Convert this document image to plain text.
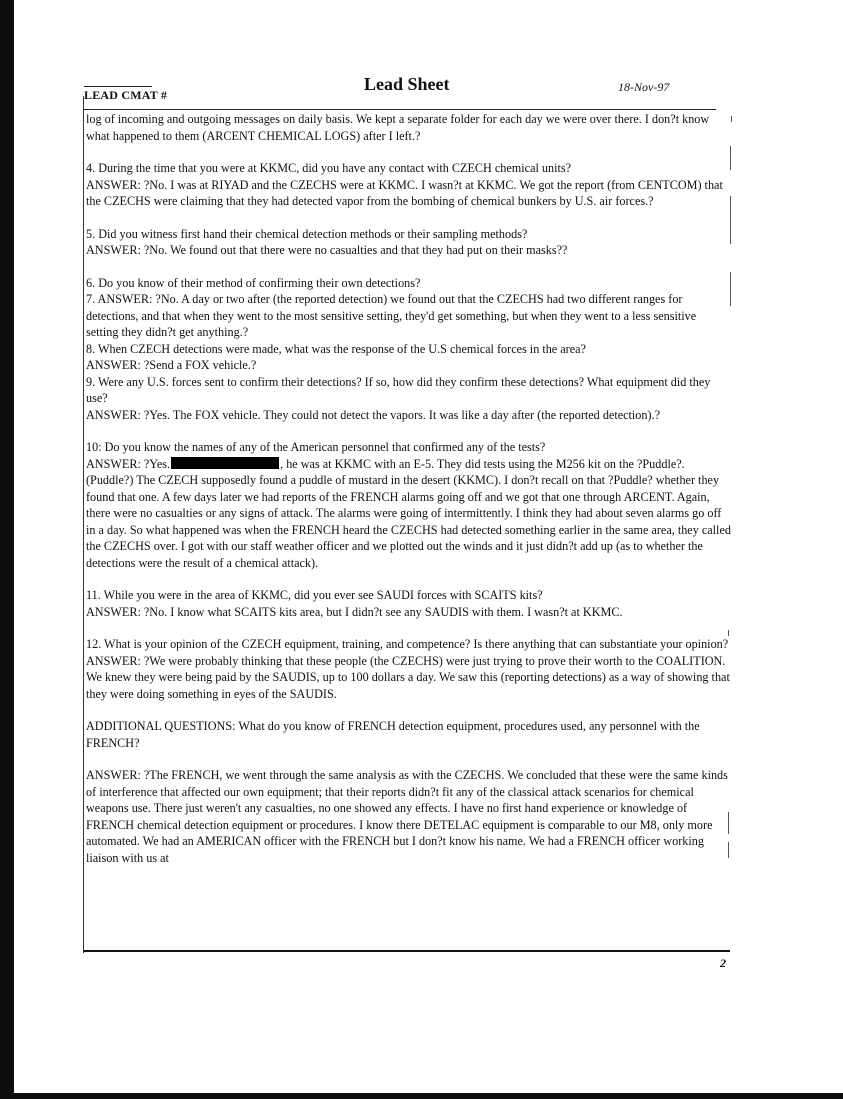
LEAD CMAT #
Lead Sheet	18-Nov-97

log of incoming and outgoing messages on daily basis. We kept a separate folder for each day we were over there. I don?t know what happened to them (ARCENT CHEMICAL LOGS) after I left.?

4. During the time that you were at KKMC, did you have any contact with CZECH chemical units?

ANSWER: ?No. I was at RIYAD and the CZECHS were at KKMC. I wasn?t at KKMC. We got the report (from CENTCOM) that the CZECHS were claiming that they had detected vapor from the bombing of chemical bunkers by U.S. air forces.?

5. Did you witness first hand their chemical detection methods or their sampling methods?

ANSWER: ?No. We found out that there were no casualties and that they had put on their masks??

6. Do you know of their method of confirming their own detections?

7. ANSWER: ?No. A day or two after (the reported detection) we found out that the CZECHS had two different ranges for detections, and that when they went to the most sensitive setting, they'd get something, but when they went to a less sensitive setting they didn?t get anything.?

8. When CZECH detections were made, what was the response of the U.S chemical forces in the area?

ANSWER: ?Send a FOX vehicle.?

9. Were any U.S. forces sent to confirm their detections? If so, how did they confirm these detections? What equipment did they use?

ANSWER: ?Yes. The FOX vehicle. They could not detect the vapors. It was like a day after (the reported detection).?

10: Do you know the names of any of the American personnel that confirmed any of the tests?

ANSWER: ?Yes.	, he was at KKMC with an E-5. They did tests using the M256 kit on the ?Puddle?. (Puddle?) The CZECH supposedly found a puddle of mustard in the desert (KKMC). I don?t recall on that ?Puddle? whether they found that one. A few days later we had reports of the FRENCH alarms going off and we got that one through ARCENT. Again, there were no casualties or any signs of attack. The alarms were going of intermittently. I think they had about seven alarms go off in a day. So what happened was when the FRENCH heard the CZECHS had detected something earlier in the same area, they called the CZECHS over. I got with our staff weather officer and we plotted out the winds and it just didn?t add up (as to whether the detections were the result of a chemical attack).

11. While you were in the area of KKMC, did you ever see SAUDI forces with SCAITS kits?

ANSWER: ?No. I know what SCAITS kits area, but I didn?t see any SAUDIS with them. I wasn?t at KKMC.

12. What is your opinion of the CZECH equipment, training, and competence? Is there anything that can substantiate your opinion?

ANSWER: ?We were probably thinking that these people (the CZECHS) were just trying to prove their worth to the COALITION. We knew they were being paid by the SAUDIS, up to 100 dollars a day. We saw this (reporting detections) as a way of showing that they were doing something in eyes of the SAUDIS.

ADDITIONAL QUESTIONS: What do you know of FRENCH detection equipment, procedures used, any personnel with the FRENCH?

ANSWER: ?The FRENCH, we went through the same analysis as with the CZECHS. We concluded that these were the same kinds of interference that affected our own equipment; that their reports didn?t fit any of the classical attack scenarios for chemical weapons use. There just weren't any casualties, no one showed any effects. I have no first hand experience or knowledge of FRENCH chemical detection equipment or procedures. I know there DETELAC equipment is comparable to our M8, only more automated. We had an AMERICAN officer with the FRENCH but I don?t know his name. We had a FRENCH officer working liaison with us at

2
